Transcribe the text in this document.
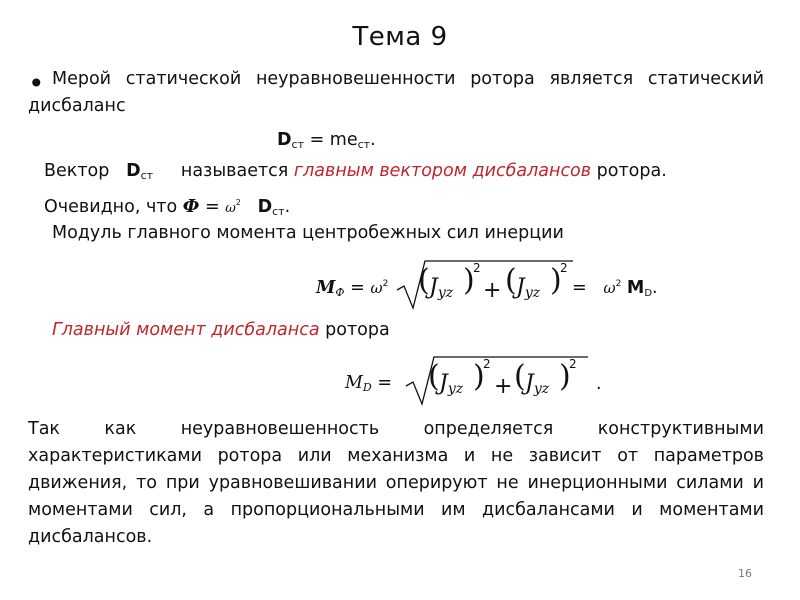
Тема 9
• Мерой статической неуравновешенности ротора является статический
дисбаланс
$D_{ст} = me_{ст}$.
Вектор $D_{ст}$ называется главным вектором дисбалансов ротора.
Очевидно, что $Ф = \omega^2$ $D_{ст}$.
Модуль главного момента центробежных сил инерции
$M_Ф = \omega^2$ ( $J_{yz}$ )
2
+ ( $J_{yz}$ )
2
= $\omega^2$ $M_D$.
Главный момент дисбаланса ротора
$M_D$ = ( $J_{yz}$ )
2
+ ( $J_{yz}$ )
2
.
Так как неуравновешенность определяется конструктивными
характеристиками ротора или механизма и не зависит от параметров
движения, то при уравновешивании оперируют не инерционными силами и
моментами сил, а пропорциональными им дисбалансами и моментами
дисбалансов.
16
